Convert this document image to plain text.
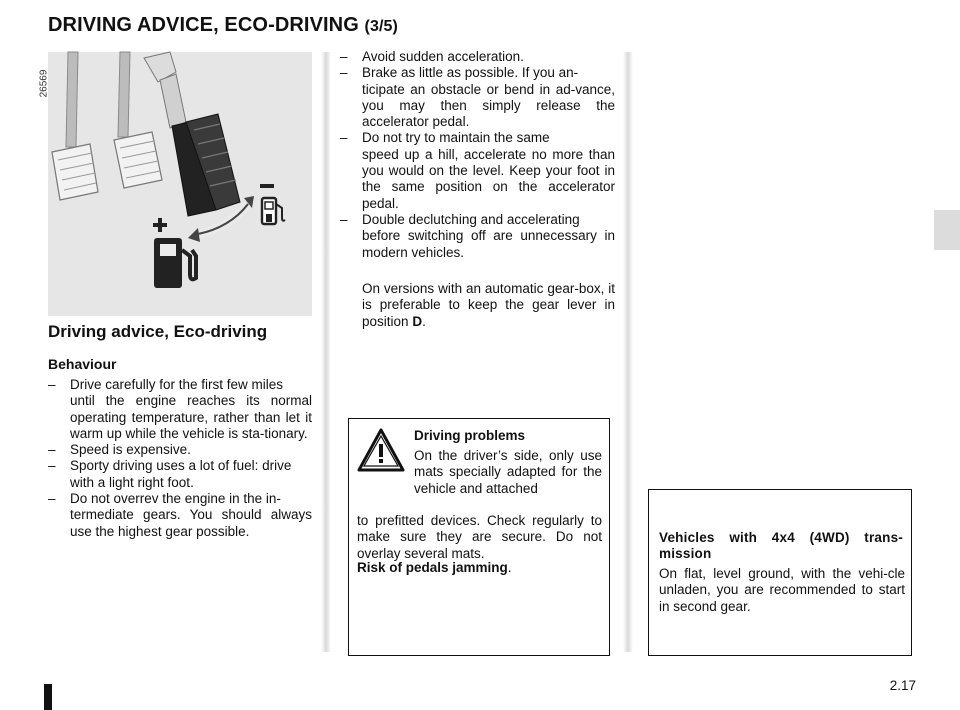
DRIVING ADVICE, ECO-DRIVING (3/5)
26569
Driving advice, Eco-driving
Behaviour
– Drive carefully for the first few miles
until the engine reaches its normal operating temperature, rather than let it warm up while the vehicle is sta-tionary.
– Speed is expensive.
– Sporty driving uses a lot of fuel: drive
with a light right foot.
– Do not overrev the engine in the in-
termediate gears. You should always use the highest gear possible.
– Avoid sudden acceleration.
– Brake as little as possible. If you an-
ticipate an obstacle or bend in ad-vance, you may then simply release the accelerator pedal.
– Do not try to maintain the same
speed up a hill, accelerate no more than you would on the level. Keep your foot in the same position on the accelerator pedal.
– Double declutching and accelerating
before switching off are unnecessary in modern vehicles.
On versions with an automatic gear-box, it is preferable to keep the gear lever in position D.
Driving problems
On the driver’s side, only use mats specially adapted for the vehicle and attached
to prefitted devices. Check regularly to make sure they are secure. Do not overlay several mats.
Risk of pedals jamming.
Vehicles with 4x4 (4WD) trans-mission
On flat, level ground, with the vehi-cle unladen, you are recommended to start in second gear.
2.17
